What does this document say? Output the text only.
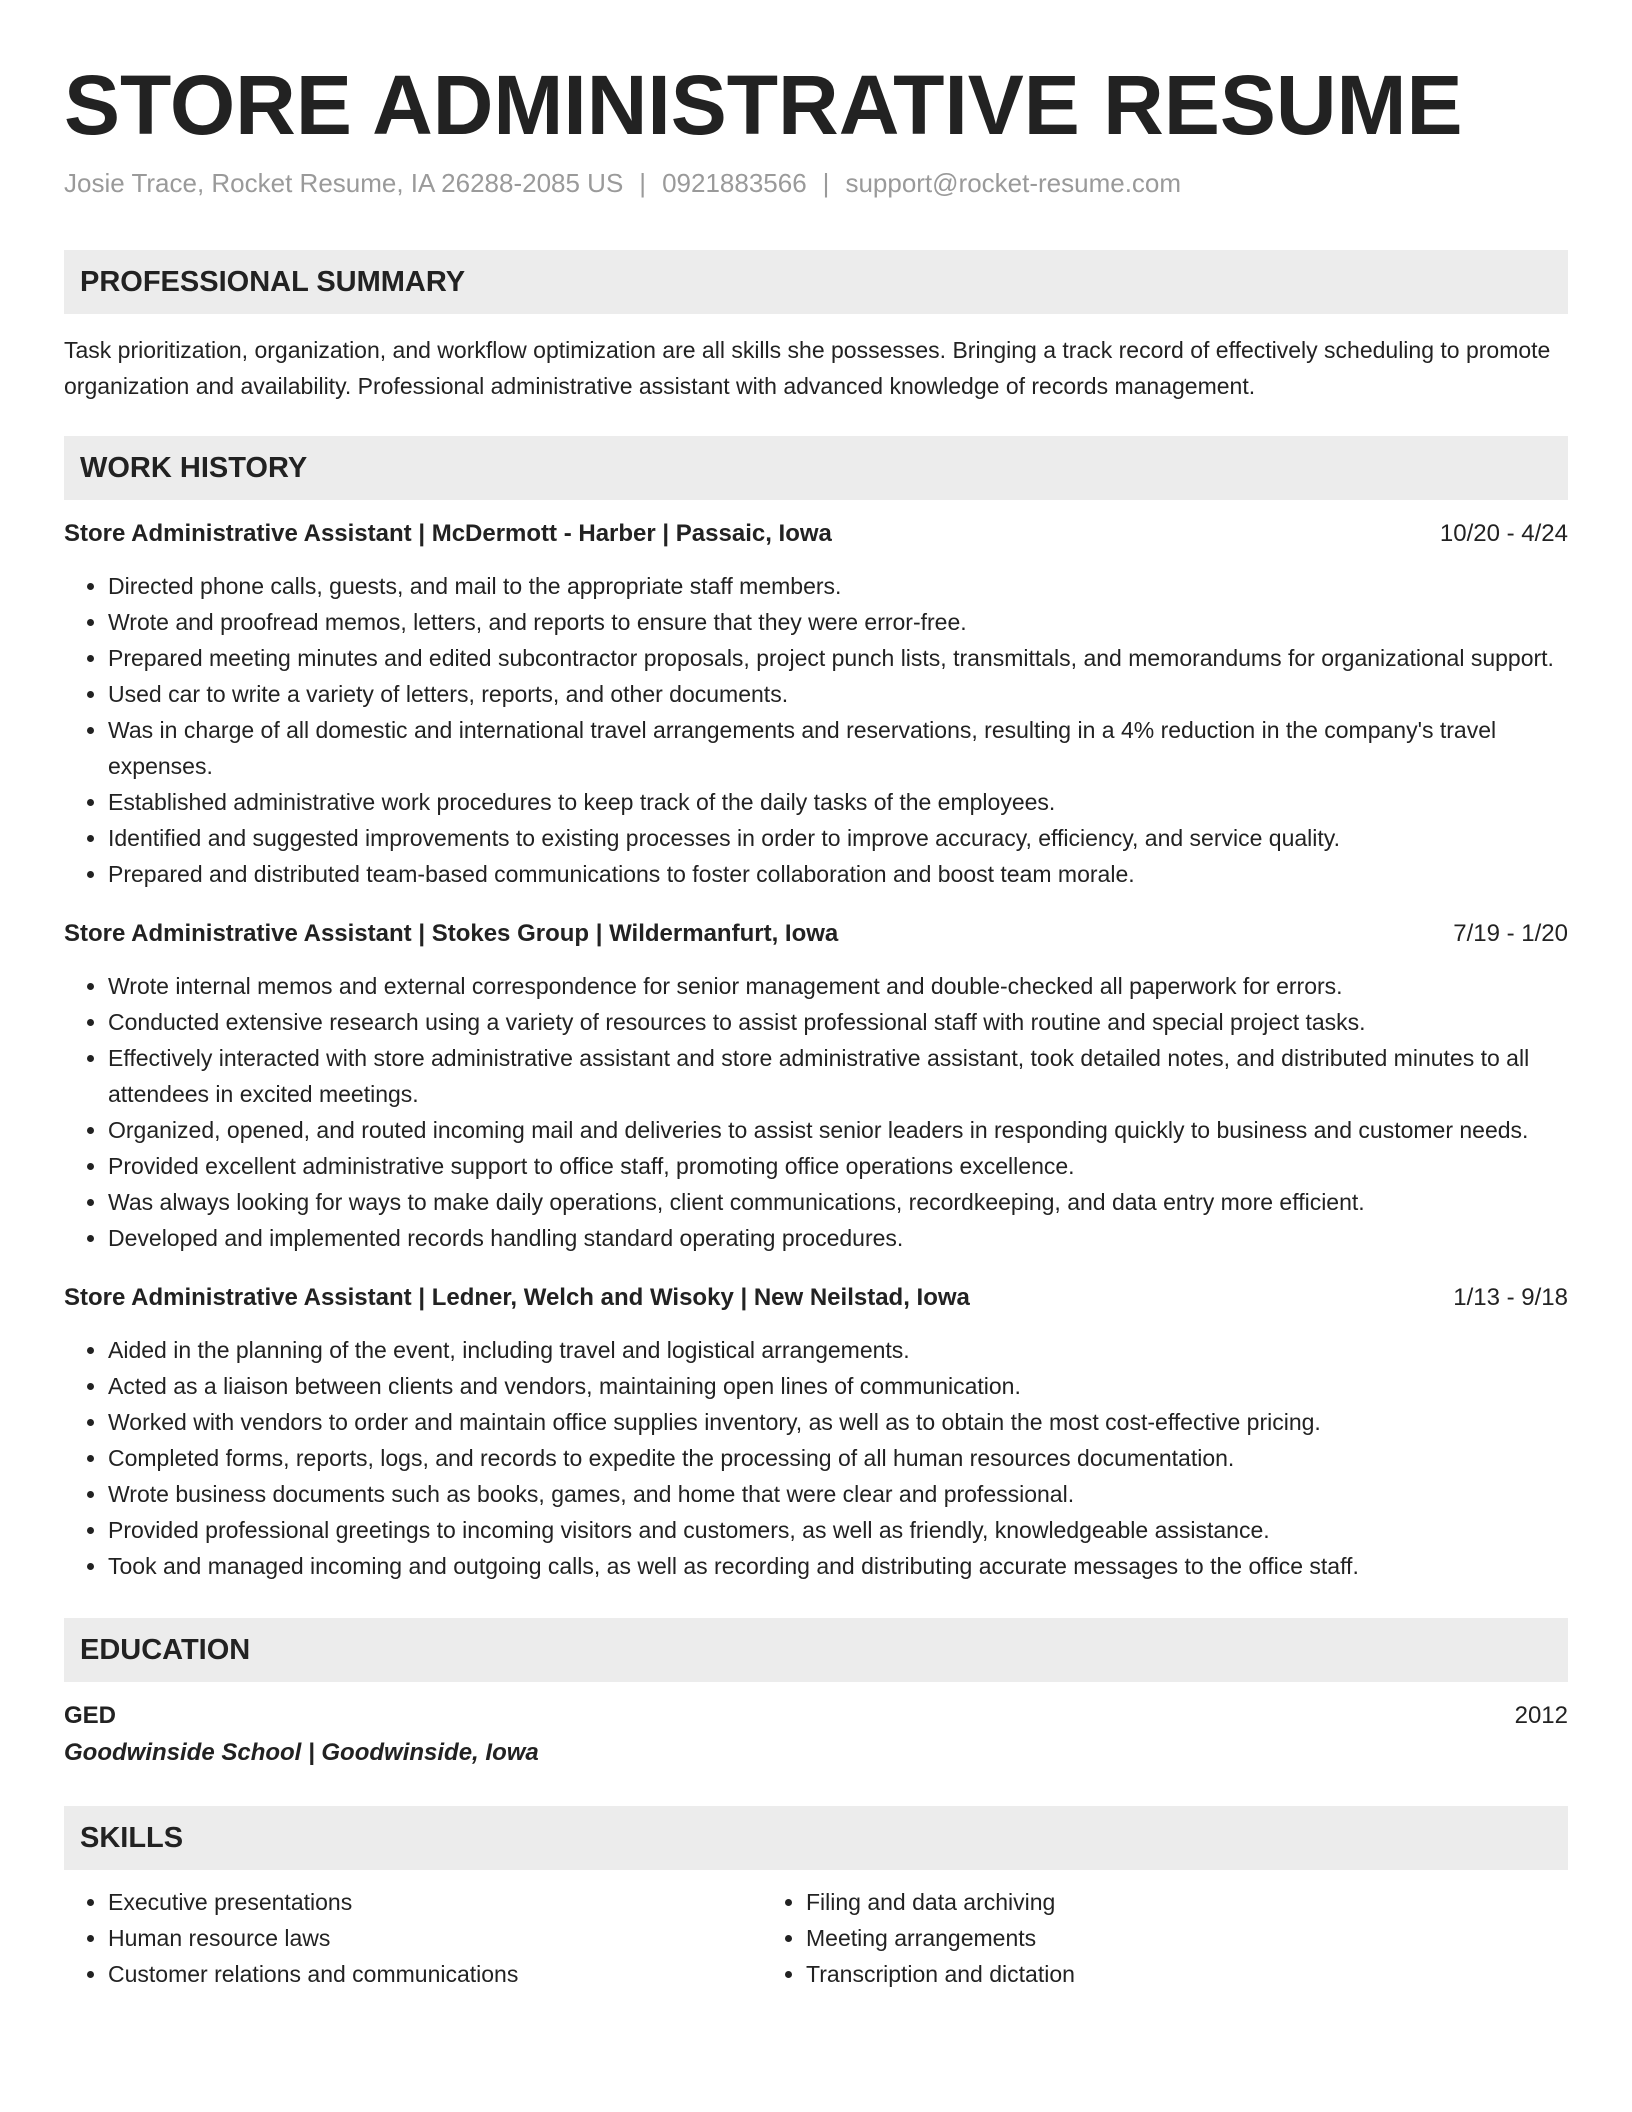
STORE ADMINISTRATIVE RESUME
Josie Trace, Rocket Resume, IA 26288-2085 US | 0921883566 | support@rocket-resume.com
PROFESSIONAL SUMMARY

Task prioritization, organization, and workflow optimization are all skills she possesses. Bringing a track record of effectively scheduling to promote organization and availability. Professional administrative assistant with advanced knowledge of records management.

WORK HISTORY
Store Administrative Assistant | McDermott - Harber | Passaic, Iowa	10/20 - 4/24
• Directed phone calls, guests, and mail to the appropriate staff members.
• Wrote and proofread memos, letters, and reports to ensure that they were error-free.
• Prepared meeting minutes and edited subcontractor proposals, project punch lists, transmittals, and memorandums for organizational support.
• Used car to write a variety of letters, reports, and other documents.
• Was in charge of all domestic and international travel arrangements and reservations, resulting in a 4% reduction in the company's travel expenses.
• Established administrative work procedures to keep track of the daily tasks of the employees.
• Identified and suggested improvements to existing processes in order to improve accuracy, efficiency, and service quality.
• Prepared and distributed team-based communications to foster collaboration and boost team morale.
Store Administrative Assistant | Stokes Group | Wildermanfurt, Iowa	7/19 - 1/20
• Wrote internal memos and external correspondence for senior management and double-checked all paperwork for errors.
• Conducted extensive research using a variety of resources to assist professional staff with routine and special project tasks.
• Effectively interacted with store administrative assistant and store administrative assistant, took detailed notes, and distributed minutes to all attendees in excited meetings.
• Organized, opened, and routed incoming mail and deliveries to assist senior leaders in responding quickly to business and customer needs.
• Provided excellent administrative support to office staff, promoting office operations excellence.
• Was always looking for ways to make daily operations, client communications, recordkeeping, and data entry more efficient.
• Developed and implemented records handling standard operating procedures.
Store Administrative Assistant | Ledner, Welch and Wisoky | New Neilstad, Iowa	1/13 - 9/18
• Aided in the planning of the event, including travel and logistical arrangements.
• Acted as a liaison between clients and vendors, maintaining open lines of communication.
• Worked with vendors to order and maintain office supplies inventory, as well as to obtain the most cost-effective pricing.
• Completed forms, reports, logs, and records to expedite the processing of all human resources documentation.
• Wrote business documents such as books, games, and home that were clear and professional.
• Provided professional greetings to incoming visitors and customers, as well as friendly, knowledgeable assistance.
• Took and managed incoming and outgoing calls, as well as recording and distributing accurate messages to the office staff.
EDUCATION
GED	2012
Goodwinside School | Goodwinside, Iowa
SKILLS
• Executive presentations
• Human resource laws
• Customer relations and communications
• Filing and data archiving
• Meeting arrangements
• Transcription and dictation
